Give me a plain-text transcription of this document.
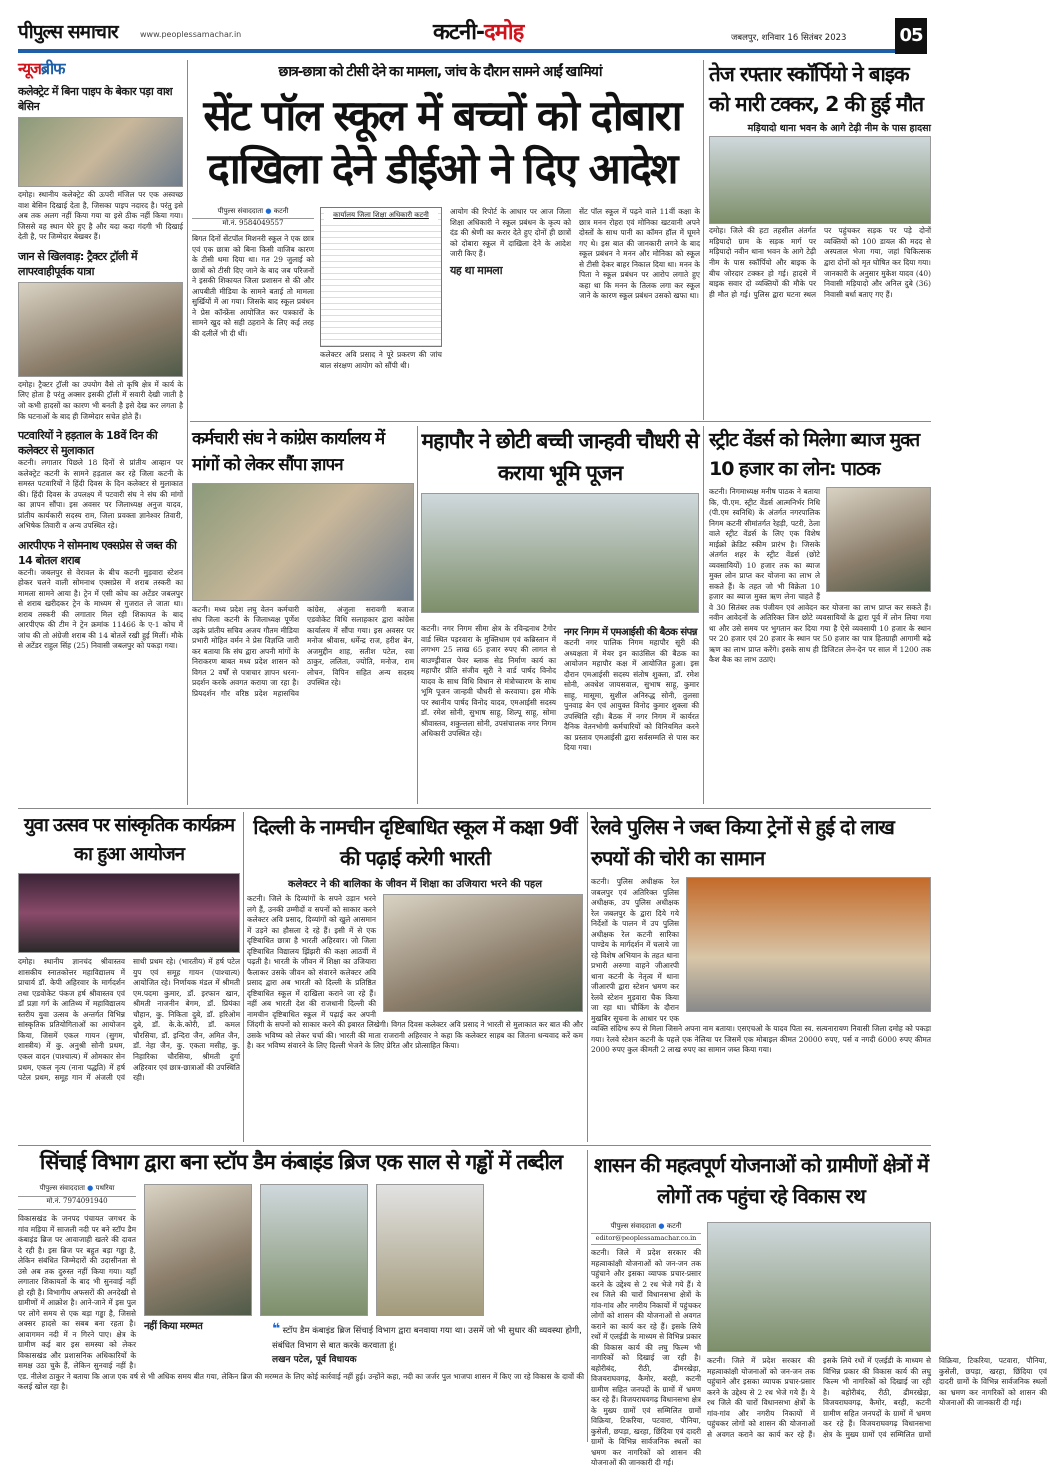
पीपुल्स समाचार	www.peoplessamachar.in	कटनी-दमोह	जबलपुर, शनिवार 16 सितंबर 2023	05
न्यूजब्रीफ
कलेक्ट्रेट में बिना पाइप के बेकार पड़ा वाश बेसिन
दमोह। स्थानीय कलेक्ट्रेट की ऊपरी मंजिल पर एक अस्वच्छ वाश बेसिन दिखाई देता है, जिसका पाइप नदारद है। परंतु इसे अब तक अलग नहीं किया गया या इसे ठीक नहीं किया गया। जिससे वह स्थान घेरे हुए है और यदा कदा गंदगी भी दिखाई देती है, पर जिम्मेदार बेखबर हैं।
जान से खिलवाड़: ट्रैक्टर ट्रॉली में लापरवाहीपूर्वक यात्रा
दमोह। ट्रैक्टर ट्रॉली का उपयोग वैसे तो कृषि क्षेत्र में कार्य के लिए होता है परंतु अक्सर इसकी ट्रॉली में सवारी देखी जाती है जो कभी हादसों का कारण भी बनती है इसे देख कर लगता है कि घटनाओं के बाद ही जिम्मेदार सचेत होते हैं।
पटवारियों ने हड़ताल के 18वें दिन की कलेक्टर से मुलाकात
कटनी। लगातार पिछले 18 दिनों से प्रांतीय आव्हान पर कलेक्ट्रेट कटनी के सामने हड़ताल कर रहे जिला कटनी के समस्त पटवारियों ने हिंदी दिवस के दिन कलेक्टर से मुलाकात की। हिंदी दिवस के उपलक्ष्य में पटवारी संघ ने संघ की मांगों का ज्ञापन सौंपा। इस अवसर पर जिलाध्यक्ष अनुज यादव, प्रांतीय कार्यकारी सदस्य राम, जिला प्रवक्ता ज्ञानेश्वर तिवारी, अभिषेक तिवारी व अन्य उपस्थित रहे।
आरपीएफ ने सोमनाथ एक्सप्रेस से जब्त की 14 बोतल शराब
कटनी। जबलपुर से वेरावल के बीच कटनी मुड़वारा स्टेशन होकर चलने वाली सोमनाथ एक्सप्रेस में शराब तस्करी का मामला सामने आया है। ट्रेन में एसी कोच का अटेंडर जबलपुर से शराब खरीदकर ट्रेन के माध्यम से गुजरात ले जाता था। शराब तस्करी की लगातार मिल रही शिकायत के बाद आरपीएफ की टीम ने ट्रेन क्रमांक 11466 के ए-1 कोच में जांच की तो अंग्रेजी शराब की 14 बोतलें रखी हुई मिलीं। मौके से अटेंडर राहुल सिंह (25) निवासी जबलपुर को पकड़ा गया।
छात्र-छात्रा को टीसी देने का मामला, जांच के दौरान सामने आईं खामियां
सेंट पॉल स्कूल में बच्चों को दोबारा दाखिला देने डीईओ ने दिए आदेश
पीपुल्स संवाददाता ● कटनी
मो.नं. 9584049557
बिगत दिनों सेंटपॉल मिशनरी स्कूल ने एक छात्र एवं एक छात्रा को बिना किसी वाजिब कारण के टीसी थमा दिया था। गत 29 जुलाई को छात्रों को टीसी दिए जाने के बाद जब परिजनों ने इसकी शिकायत जिला प्रशासन से की और आपबीती मीडिया के सामने बताई तो मामला सुर्खियों में आ गया। जिसके बाद स्कूल प्रबंधन ने प्रेस कॉन्फ्रेंस आयोजित कर पत्रकारों के सामने खुद को सही ठहराने के लिए कई तरह की दलीलें भी दी थीं।
कार्यालय जिला शिक्षा अधिकारी कटनी
कलेक्टर अवि प्रसाद ने पूरे प्रकरण की जांच बाल संरक्षण आयोग को सौंपी थी।
आयोग की रिपोर्ट के आधार पर आज जिला शिक्षा अधिकारी ने स्कूल प्रबंधन के कृत्य को दंड की श्रेणी का करार देते हुए दोनों ही छात्रों को दोबारा स्कूल में दाखिला देने के आदेश जारी किए हैं।
यह था मामला
सेंट पॉल स्कूल में पढ़ने वाले 11वीं कक्षा के छात्र मनन रोहरा एवं मोनिका खटवानी अपने दोस्तों के साथ पानी का कॉमन हॉल में घूमने गए थे। इस बात की जानकारी लगने के बाद स्कूल प्रबंधन ने मनन और मोनिका को स्कूल से टीसी देकर बाहर निकाल दिया था। मनन के पिता ने स्कूल प्रबंधन पर आरोप लगाते हुए कहा था कि मनन के तिलक लगा कर स्कूल जाने के कारण स्कूल प्रबंधन उसको खफा था।
तेज रफ्तार स्कॉर्पियो ने बाइक को मारी टक्कर, 2 की हुई मौत
मड़ियादो थाना भवन के आगे टेढ़ी नीम के पास हादसा
दमोह। जिले की हटा तहसील अंतर्गत मड़ियादो ग्राम के सड़क मार्ग पर मड़ियादो नवीन थाना भवन के आगे टेढ़ी नीम के पास स्कॉर्पियो और बाइक के बीच जोरदार टक्कर हो गई। हादसे में बाइक सवार दो व्यक्तियों की मौके पर ही मौत हो गई। पुलिस द्वारा घटना स्थल पर पहुंचकर सड़क पर पड़े दोनों व्यक्तियों को 100 डायल की मदद से अस्पताल भेजा गया, जहां चिकित्सक द्वारा दोनों को मृत घोषित कर दिया गया। जानकारी के अनुसार मुकेश यादव (40) निवासी मड़ियादो और अनिल दुबे (36) निवासी बर्धा बताए गए हैं।
कर्मचारी संघ ने कांग्रेस कार्यालय में मांगों को लेकर सौंपा ज्ञापन
कटनी। मध्य प्रदेश लघु वेतन कर्मचारी संघ जिला कटनी के जिलाध्यक्ष पूर्णेश उइके प्रांतीय सचिव अजय गौतम मीडिया प्रभारी मोहित वर्मन ने प्रेस विज्ञप्ति जारी कर बताया कि संघ द्वारा अपनी मांगों के निराकरण बाबत मध्य प्रदेश शासन को विगत 2 वर्षों से पत्राचार ज्ञापन धरना-प्रदर्शन करके अवगत कराया जा रहा है। प्रियदर्शन गौर वरिष्ठ प्रदेश महासचिव कांग्रेस, अंजुला सरावगी बजाज एडवोकेट विधि सलाहकार द्वारा कांग्रेस कार्यालय में सौंपा गया। इस अवसर पर मनोज श्रीवास, धर्मेन्द्र राज, हरीश बेन, अजमुद्दीन शाह, सतीश पटेल, रवा ठाकुर, ललिता, ज्योति, मनोज, राम लोचन, विपिन सहित अन्य सदस्य उपस्थित रहे।
महापौर ने छोटी बच्ची जान्हवी चौधरी से कराया भूमि पूजन
कटनी। नगर निगम सीमा क्षेत्र के रविन्द्रनाथ टैगोर वार्ड स्थित पड़रवारा के मुक्तिधाम एवं कब्रिस्तान में लगभग 25 लाख 65 हजार रुपए की लागत से बाउण्ड्रीवाल पेवर ब्लाक सेड निर्माण कार्य का महापौर प्रीति संजीव सूरी ने वार्ड पार्षद विनोद यादव के साथ विधि विधान से मंत्रोच्चारण के साथ भूमि पूजन जान्हवी चौधरी से करवाया। इस मौके पर स्थानीय पार्षद विनोद यादव, एमआईसी सदस्य डॉ. रमेश सोनी, सुभाष साहू, शिल्पू साहू, सोमा श्रीवास्तव, शकुन्तला सोनी, उपसंचालक नगर निगम अधिकारी उपस्थित रहे।
नगर निगम में एमआईसी की बैठक संपन्न
कटनी नगर पालिक निगम महापौर सूरी की अध्यक्षता में मेयर इन काउंसिल की बैठक का आयोजन महापौर कक्ष में आयोजित हुआ। इस दौरान एमआईसी सदस्य संतोष शुक्ला, डॉ. रमेश सोनी, अवधेश जायसवाल, सुभाष साहू, कुमार साहू, मासूमा, सुशील अनिरुद्ध सोनी, तुलसा पुनवाड़ बेन एवं आयुक्त विनोद कुमार शुक्ला की उपस्थिति रही। बैठक में नगर निगम में कार्यरत दैनिक वेतनभोगी कर्मचारियों को विनियमित करने का प्रस्ताव एमआईसी द्वारा सर्वसम्मति से पास कर दिया गया।
स्ट्रीट वेंडर्स को मिलेगा ब्याज मुक्त 10 हजार का लोन: पाठक
कटनी। निगमाध्यक्ष मनीष पाठक ने बताया कि, पी.एम. स्ट्रीट वेंडर्स आत्मनिर्भर निधि (पी.एम स्वनिधि) के अंतर्गत नगरपालिक निगम कटनी सीमांतर्गत रेहड़ी, पटरी, ठेला वाले स्ट्रीट वेंडर्स के लिए एक विशेष माईक्रो क्रेडिट स्कीम प्रारंभ है। जिसके अंतर्गत शहर के स्ट्रीट वेंडर्स (छोटे व्यवसायियों) 10 हजार तक का ब्याज मुक्त लोन प्राप्त कर योजना का लाभ ले सकते हैं। के तहत जो भी विक्रेता 10 हजार का ब्याज मुक्त ऋण लेना चाहते हैं वे 30 सितंबर तक पंजीयन एवं आवेदन कर योजना का लाभ प्राप्त कर सकते हैं। नवीन आवेदनों के अतिरिक्त जिन छोटे व्यवसायियों के द्वारा पूर्व में लोन लिया गया था और उसे समय पर भुगतान कर दिया गया है ऐसे व्यवसायी 10 हजार के स्थान पर 20 हजार एवं 20 हजार के स्थान पर 50 हजार का पात्र हितग्राही आगामी बढ़े ऋण का लाभ प्राप्त करेंगे। इसके साथ ही डिजिटल लेन-देन पर साल में 1200 तक कैश बैक का लाभ उठाएं।
युवा उत्सव पर सांस्कृतिक कार्यक्रम का हुआ आयोजन
दमोह। स्थानीय ज्ञानचंद श्रीवास्तव शासकीय स्नातकोत्तर महाविद्यालय में प्राचार्य डॉ. केपी अहिरवार के मार्गदर्शन तथा एडवोकेट पंकज हर्ष श्रीवास्तव एवं डॉ प्रज्ञा गर्ग के आतिथ्य में महाविद्यालय स्तरीय युवा उत्सव के अन्तर्गत विभिन्न सांस्कृतिक प्रतियोगिताओं का आयोजन किया, जिसमें एकल गायन (सुगम, शास्त्रीय) में कु. अनुश्री सोनी प्रथम, एकल वादन (पाश्चात्य) में ओमकार सेन प्रथम, एकल नृत्य (नाना पद्धति) में हर्ष पटेल प्रथम, समूह गान में अंजली एवं साथी प्रथम रहे। (भारतीय) में हर्ष पटेल युप एवं समूह गायन (पाश्चात्य) आयोजित रहे। निर्णायक मंडल में श्रीमती एम.पदमा कुमार, डॉ. इरफान खान, श्रीमती नाजनीन बेगम, डॉ. प्रियंका चौहान, कु. निकिता दुबे, डॉ. हरिओम दुबे, डॉ. के.के.कोरी, डॉ. कमल चौरसिया, डॉ. इन्दिरा जैन, अमित जैन, डॉ. नेहा जैन, कु. एकता मसीह, कु. निहारिका चौरसिया, श्रीमती दुर्गा अहिरवार एवं छात्र-छात्राओं की उपस्थिति रही।
दिल्ली के नामचीन दृष्टिबाधित स्कूल में कक्षा 9वीं की पढ़ाई करेगी भारती
कलेक्टर ने की बालिका के जीवन में शिक्षा का उजियारा भरने की पहल
कटनी। जिले के दिव्यांगों के सपने उड़ान भरने लगे हैं, उनकी उम्मीदों व सपनों को साकार करने कलेक्टर अवि प्रसाद, दिव्यांगों को खुले आसमान में उड़ने का हौसला दे रहे हैं। इसी में से एक दृष्टिबाधित छात्रा है भारती अहिरवार। जो जिला दृष्टिबाधित विद्यालय झिंझरी की कक्षा आठवीं में पढ़ती है। भारती के जीवन में शिक्षा का उजियारा फैलाकर उसके जीवन को संवारने कलेक्टर अवि प्रसाद द्वारा अब भारती को दिल्ली के प्रतिष्ठित दृष्टिबाधित स्कूल में दाखिला कराने जा रहे हैं। नहीं अब भारती देश की राजधानी दिल्ली की नामचीन दृष्टिबाधित स्कूल में पढ़ाई कर अपनी जिंदगी के सपनों को साकार करने की इबारत लिखेगी। विगत दिवस कलेक्टर अवि प्रसाद ने भारती से मुलाकात कर बात की और उसके भविष्य को लेकर चर्चा की। भारती की माता राजरानी अहिरवार ने कहा कि कलेक्टर साहब का जितना धन्यवाद करें कम है। कर भविष्य संवारने के लिए दिल्ली भेजने के लिए प्रेरित और प्रोत्साहित किया।
रेलवे पुलिस ने जब्त किया ट्रेनों से हुई दो लाख रुपयों की चोरी का सामान
कटनी। पुलिस अधीक्षक रेल जबलपुर एवं अतिरिक्त पुलिस अधीक्षक, उप पुलिस अधीक्षक रेल जबलपुर के द्वारा दिये गये निर्देशों के पालन में उप पुलिस अधीक्षक रेल कटनी सारिका पाण्डेय के मार्गदर्शन में चलाये जा रहे विशेष अभियान के तहत थाना प्रभारी अरुणा वाहने जीआरपी थाना कटनी के नेतृत्व में थाना जीआरपी द्वारा स्टेशन भ्रमण कर रेलवे स्टेशन मुड़वारा चैक किया जा रहा था। चौकिंग के दौरान मुखबिर सूचना के आधार पर एक व्यक्ति संदिग्ध रूप से मिला जिसने अपना नाम बताया। एसएचओ के यादव पिता स्व. सत्यनारायण निवासी जिला दमोह को पकड़ा गया। रेलवे स्टेशन कटनी के पहले एक नेलिया पर जिसमें एक मोबाइल कीमत 20000 रुपए, पर्स व नगदी 6000 रुपए कीमत 2000 रुपए कुल कीमती 2 लाख रुपए का सामान जब्त किया गया।
सिंचाई विभाग द्वारा बना स्टॉप डैम कंबाइंड ब्रिज एक साल से गड्ढों में तब्दील
नहीं किया मरम्मत	❝ स्टॉप डैम कंबाइंड ब्रिज सिंचाई विभाग द्वारा बनवाया गया था। उसमें जो भी सुधार की व्यवस्था होगी, संबंधित विभाग से बात करके करवाता हूं।
लखन पटेल, पूर्व विधायक
पीपुल्स संवाददाता ● पथरिया
मो.नं. 7974091940
विकासखंड के जनपद पंचायत जगथर के गांव मड़िया में साजली नदी पर बने स्टॉप डैम कंबाइंड ब्रिज पर आवाजाही खतरे की दावत दे रही है। इस ब्रिज पर बहुत बड़ा गड्ढा है, लेकिन संबंधित जिम्मेदारों की उदासीनता से उसे अब तक दुरुस्त नहीं किया गया। यहाँ लगातार शिकायतों के बाद भी सुनवाई नहीं हो रही है। विभागीय अफसरों की अनदेखी से ग्रामीणों में आक्रोश है। आने-जाने में इस पुल पर लोगे समय से एक बड़ा गड्ढा है, जिससे अक्सर हादसे का सबब बना रहता है। आवागमन नदी में न गिरने पाए। क्षेत्र के ग्रामीण कई बार इस समस्या को लेकर विकासखंड और प्रशासनिक अधिकारियों के समक्ष उठा चुके हैं, लेकिन सुनवाई नहीं है। एड. नीलेश ठाकुर ने बताया कि आज एक वर्ष से भी अधिक समय बीत गया, लेकिन ब्रिज की मरम्मत के लिए कोई कार्रवाई नहीं हुई। उन्होंने कहा, नदी का जर्जर पुल भाजपा शासन में किए जा रहे विकास के दावों की कलई खोल रहा है।
शासन की महत्वपूर्ण योजनाओं को ग्रामीणों क्षेत्रों में लोगों तक पहुंचा रहे विकास रथ
पीपुल्स संवाददाता ● कटनी
editor@peoplessamachar.co.in
कटनी। जिले में प्रदेश सरकार की महत्वाकांक्षी योजनाओं को जन-जन तक पहुंचाने और इसका व्यापक प्रचार-प्रसार करने के उद्देश्य से 2 रथ भेजे गये हैं। ये रथ जिले की चारों विधानसभा क्षेत्रों के गांव-गांव और नगरीय निकायों में पहुंचकर लोगों को शासन की योजनाओं से अवगत कराने का कार्य कर रहे हैं। इसके लिये रथों में एलईडी के माध्यम से विभिन्न प्रकार की विकास कार्य की लघु फिल्म भी नागरिकों को दिखाई जा रही है। बहोरीबंद, रीठी, ढीमरखेड़ा, विजयराघवगढ़, कैमोर, बरही, कटनी ग्रामीण सहित जनपदों के ग्रामों में भ्रमण कर रहे हैं। विजयराघवगढ़ विधानसभा क्षेत्र के मुख्य ग्रामों एवं सम्मिलित ग्रामों विक्रिया, टिकरिया, पटवारा, पौनिया, कुसेली, छपड़ा, खरहा, छिंदिया एवं दादरी ग्रामों के विभिन्न सार्वजनिक स्थलों का भ्रमण कर नागरिकों को शासन की योजनाओं की जानकारी दी गई।
कटनी। जिले में प्रदेश सरकार की महत्वाकांक्षी योजनाओं को जन-जन तक पहुंचाने और इसका व्यापक प्रचार-प्रसार करने के उद्देश्य से 2 रथ भेजे गये हैं। ये रथ जिले की चारों विधानसभा क्षेत्रों के गांव-गांव और नगरीय निकायों में पहुंचकर लोगों को शासन की योजनाओं से अवगत कराने का कार्य कर रहे हैं। इसके लिये रथों में एलईडी के माध्यम से विभिन्न प्रकार की विकास कार्य की लघु फिल्म भी नागरिकों को दिखाई जा रही है। बहोरीबंद, रीठी, ढीमरखेड़ा, विजयराघवगढ़, कैमोर, बरही, कटनी ग्रामीण सहित जनपदों के ग्रामों में भ्रमण कर रहे हैं। विजयराघवगढ़ विधानसभा क्षेत्र के मुख्य ग्रामों एवं सम्मिलित ग्रामों विक्रिया, टिकरिया, पटवारा, पौनिया, कुसेली, छपड़ा, खरहा, छिंदिया एवं दादरी ग्रामों के विभिन्न सार्वजनिक स्थलों का भ्रमण कर नागरिकों को शासन की योजनाओं की जानकारी दी गई।
